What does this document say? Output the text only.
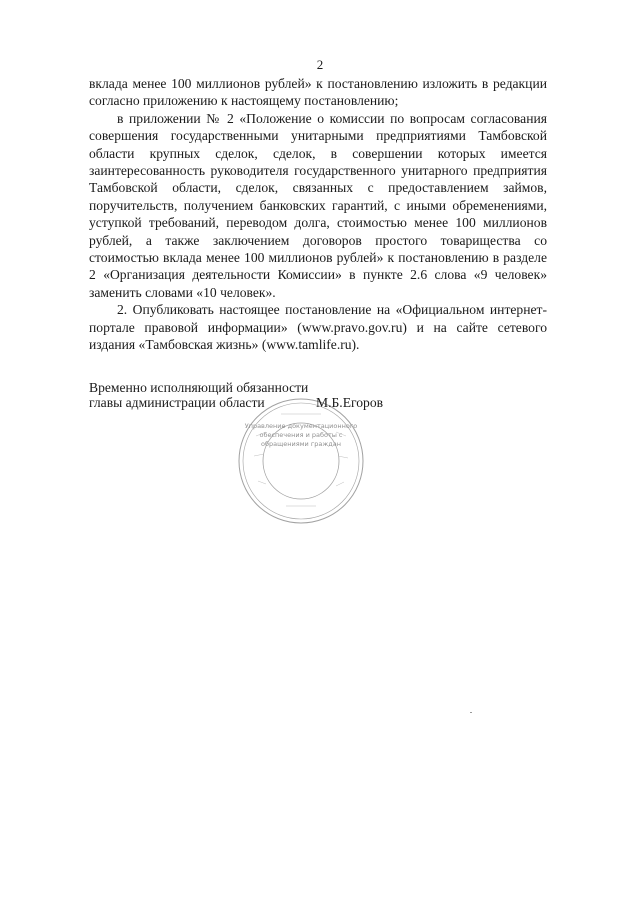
2

вклада менее 100 миллионов рублей» к постановлению изложить в редакции согласно приложению к настоящему постановлению;

в приложении № 2 «Положение о комиссии по вопросам согласования совершения государственными унитарными предприятиями Тамбовской области крупных сделок, сделок, в совершении которых имеется заинтересованность руководителя государственного унитарного предприятия Тамбовской области, сделок, связанных с предоставлением займов, поручительств, получением банковских гарантий, с иными обременениями, уступкой требований, переводом долга, стоимостью менее 100 миллионов рублей, а также заключением договоров простого товарищества со стоимостью вклада менее 100 миллионов рублей» к постановлению в разделе 2 «Организация деятельности Комиссии» в пункте 2.6 слова «9 человек» заменить словами «10 человек».

2. Опубликовать настоящее постановление на «Официальном интернет-портале правовой информации» (www.pravo.gov.ru) и на сайте сетевого издания «Тамбовская жизнь» (www.tamlife.ru).

Управление документационного обеспечения и работы с обращениями граждан
Временно исполняющий обязанности
главы администрации области	М.Б.Егоров
